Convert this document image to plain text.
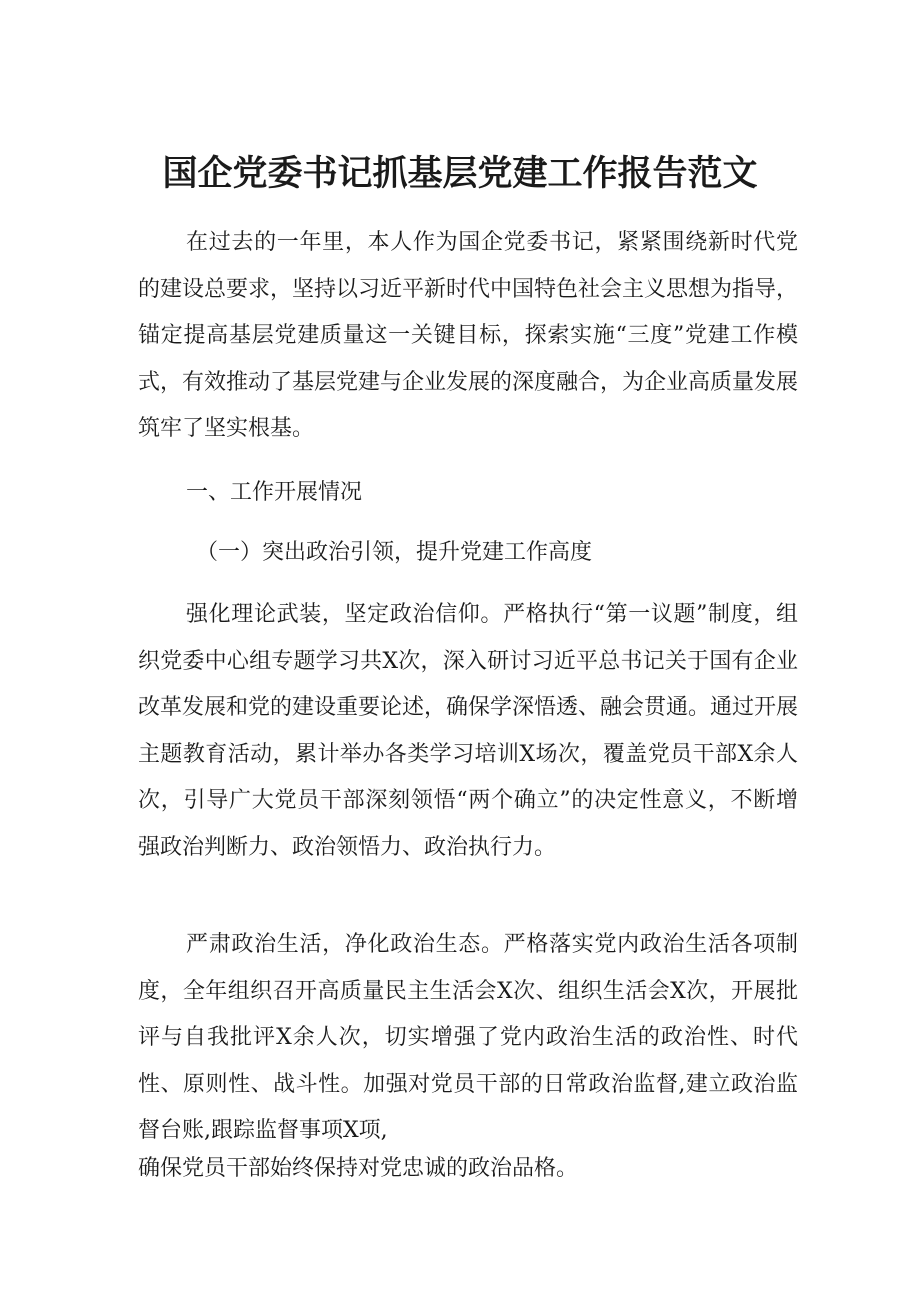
国企党委书记抓基层党建工作报告范文

在过去的一年里，本人作为国企党委书记，紧紧围绕新时代党的建设总要求，坚持以习近平新时代中国特色社会主义思想为指导，锚定提高基层党建质量这一关键目标，探索实施“三度”党建工作模式，有效推动了基层党建与企业发展的深度融合，为企业高质量发展筑牢了坚实根基。

一、工作开展情况

（一）突出政治引领，提升党建工作高度

强化理论武装，坚定政治信仰。严格执行“第一议题”制度，组织党委中心组专题学习共X次，深入研讨习近平总书记关于国有企业改革发展和党的建设重要论述，确保学深悟透、融会贯通。通过开展主题教育活动，累计举办各类学习培训X场次，覆盖党员干部X余人次，引导广大党员干部深刻领悟“两个确立”的决定性意义，不断增强政治判断力、政治领悟力、政治执行力。

严肃政治生活，净化政治生态。严格落实党内政治生活各项制度，全年组织召开高质量民主生活会X次、组织生活会X次，开展批评与自我批评X余人次，切实增强了党内政治生活的政治性、时代性、原则性、战斗性。加强对党员干部的日常政治监督,建立政治监督台账,跟踪监督事项X项,

确保党员干部始终保持对党忠诚的政治品格。
